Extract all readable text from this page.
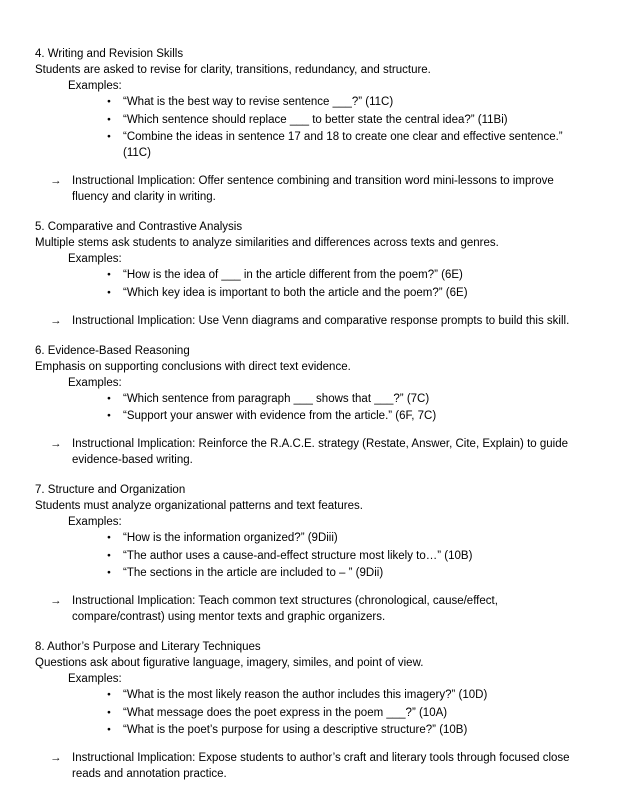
4. Writing and Revision Skills

Students are asked to revise for clarity, transitions, redundancy, and structure.

Examples:

●	“What is the best way to revise sentence ___?” (11C)
●	“Which sentence should replace ___ to better state the central idea?” (11Bi)
●	“Combine the ideas in sentence 17 and 18 to create one clear and effective sentence.” (11C)
→ Instructional Implication: Offer sentence combining and transition word mini-lessons to improve fluency and clarity in writing.

5. Comparative and Contrastive Analysis

Multiple stems ask students to analyze similarities and differences across texts and genres.

Examples:

●	“How is the idea of ___ in the article different from the poem?” (6E)
●	“Which key idea is important to both the article and the poem?” (6E)
→ Instructional Implication: Use Venn diagrams and comparative response prompts to build this skill.

6. Evidence-Based Reasoning

Emphasis on supporting conclusions with direct text evidence.

Examples:

●	“Which sentence from paragraph ___ shows that ___?” (7C)
●	“Support your answer with evidence from the article.” (6F, 7C)
→ Instructional Implication: Reinforce the R.A.C.E. strategy (Restate, Answer, Cite, Explain) to guide evidence-based writing.

7. Structure and Organization

Students must analyze organizational patterns and text features.

Examples:

●	“How is the information organized?” (9Diii)
●	“The author uses a cause-and-effect structure most likely to…” (10B)
●	“The sections in the article are included to – ” (9Dii)
→ Instructional Implication: Teach common text structures (chronological, cause/effect, compare/contrast) using mentor texts and graphic organizers.

8. Author’s Purpose and Literary Techniques

Questions ask about figurative language, imagery, similes, and point of view.

Examples:

●	“What is the most likely reason the author includes this imagery?” (10D)
●	“What message does the poet express in the poem ___?” (10A)
●	“What is the poet’s purpose for using a descriptive structure?” (10B)
→ Instructional Implication: Expose students to author’s craft and literary tools through focused close reads and annotation practice.
